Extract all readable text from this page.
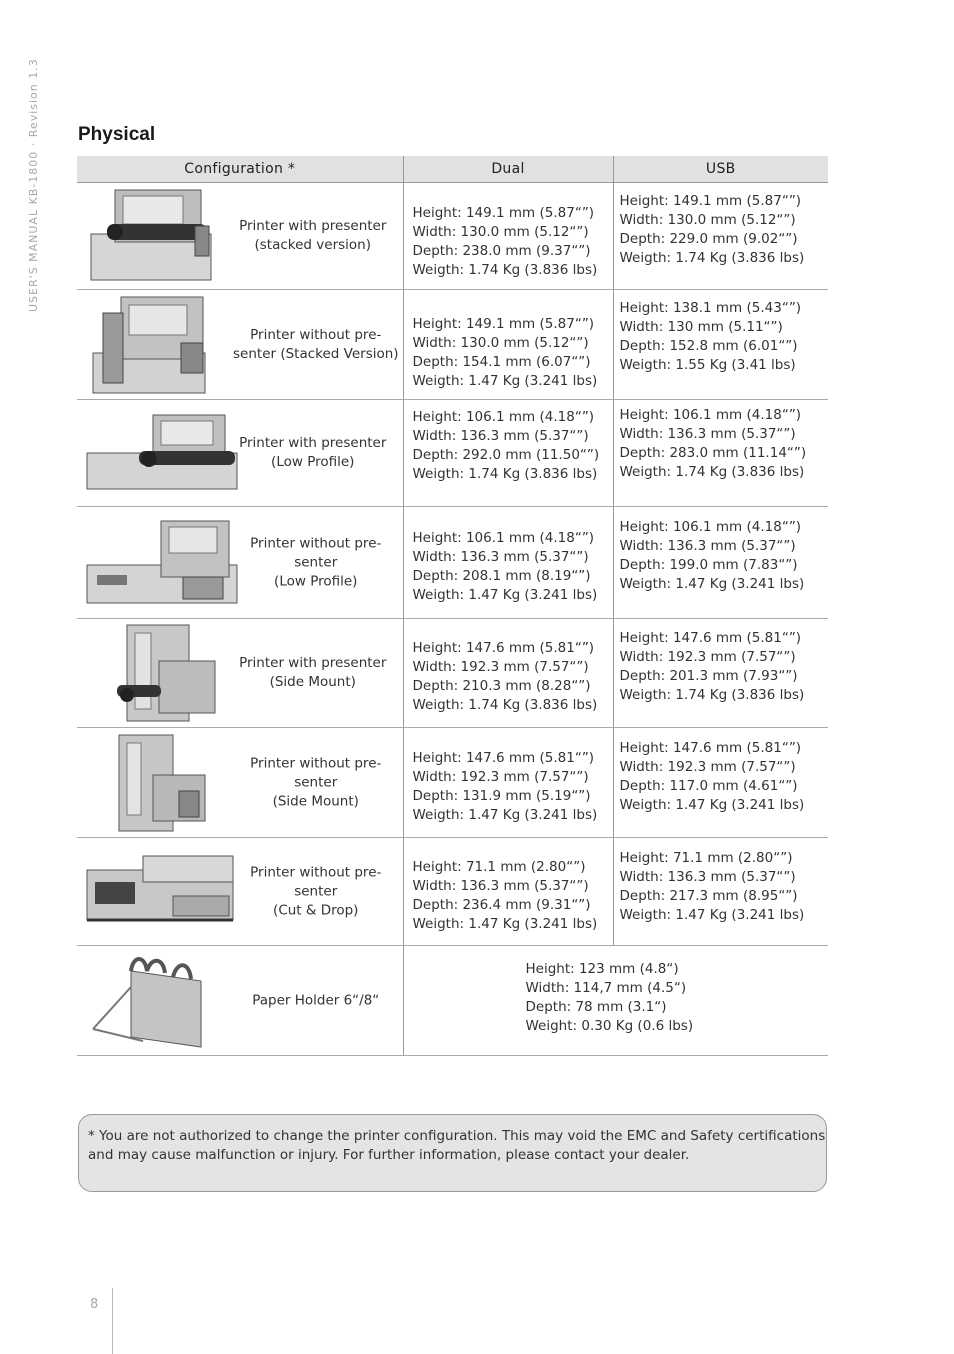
USER'S MANUAL KB-1800 · Revision 1.3 Physical
Configuration *	Dual	USB

Printer with presenter
(stacked version)	Height: 149.1 mm (5.87“”)
Width: 130.0 mm (5.12“”)
Depth: 238.0 mm (9.37“”)
Weigth: 1.74 Kg (3.836 lbs)	Height: 149.1 mm (5.87“”)
Width: 130.0 mm (5.12“”)
Depth: 229.0 mm (9.02“”)
Weigth: 1.74 Kg (3.836 lbs)

Printer without pre-
senter (Stacked Version)	Height: 149.1 mm (5.87“”)
Width: 130.0 mm (5.12“”)
Depth: 154.1 mm (6.07“”)
Weigth: 1.47 Kg (3.241 lbs)	Height: 138.1 mm (5.43“”)
Width: 130 mm (5.11“”)
Depth: 152.8 mm (6.01“”)
Weigth: 1.55 Kg (3.41 lbs)

Printer with presenter
(Low Profile)	Height: 106.1 mm (4.18“”)
Width: 136.3 mm (5.37“”)
Depth: 292.0 mm (11.50“”)
Weigth: 1.74 Kg (3.836 lbs)	Height: 106.1 mm (4.18“”)
Width: 136.3 mm (5.37“”)
Depth: 283.0 mm (11.14“”)
Weigth: 1.74 Kg (3.836 lbs)

Printer without pre-
senter
(Low Profile)	Height: 106.1 mm (4.18“”)
Width: 136.3 mm (5.37“”)
Depth: 208.1 mm (8.19“”)
Weigth: 1.47 Kg (3.241 lbs)	Height: 106.1 mm (4.18“”)
Width: 136.3 mm (5.37“”)
Depth: 199.0 mm (7.83“”)
Weigth: 1.47 Kg (3.241 lbs)

Printer with presenter
(Side Mount)	Height: 147.6 mm (5.81“”)
Width: 192.3 mm (7.57“”)
Depth: 210.3 mm (8.28“”)
Weigth: 1.74 Kg (3.836 lbs)	Height: 147.6 mm (5.81“”)
Width: 192.3 mm (7.57“”)
Depth: 201.3 mm (7.93“”)
Weigth: 1.74 Kg (3.836 lbs)

Printer without pre-
senter
(Side Mount)	Height: 147.6 mm (5.81“”)
Width: 192.3 mm (7.57“”)
Depth: 131.9 mm (5.19“”)
Weigth: 1.47 Kg (3.241 lbs)	Height: 147.6 mm (5.81“”)
Width: 192.3 mm (7.57“”)
Depth: 117.0 mm (4.61“”)
Weigth: 1.47 Kg (3.241 lbs)

Printer without pre-
senter
(Cut & Drop)	Height: 71.1 mm (2.80“”)
Width: 136.3 mm (5.37“”)
Depth: 236.4 mm (9.31“”)
Weigth: 1.47 Kg (3.241 lbs)	Height: 71.1 mm (2.80“”)
Width: 136.3 mm (5.37“”)
Depth: 217.3 mm (8.95“”)
Weigth: 1.47 Kg (3.241 lbs)

Paper Holder 6“/8“	Height: 123 mm (4.8“)
Width: 114,7 mm (4.5“)
Depth: 78 mm (3.1“)
Weight: 0.30 Kg (0.6 lbs)	
* You are not authorized to change the printer configuration. This may void the EMC and Safety certifications
and may cause malfunction or injury. For further information, please contact your dealer.
8
